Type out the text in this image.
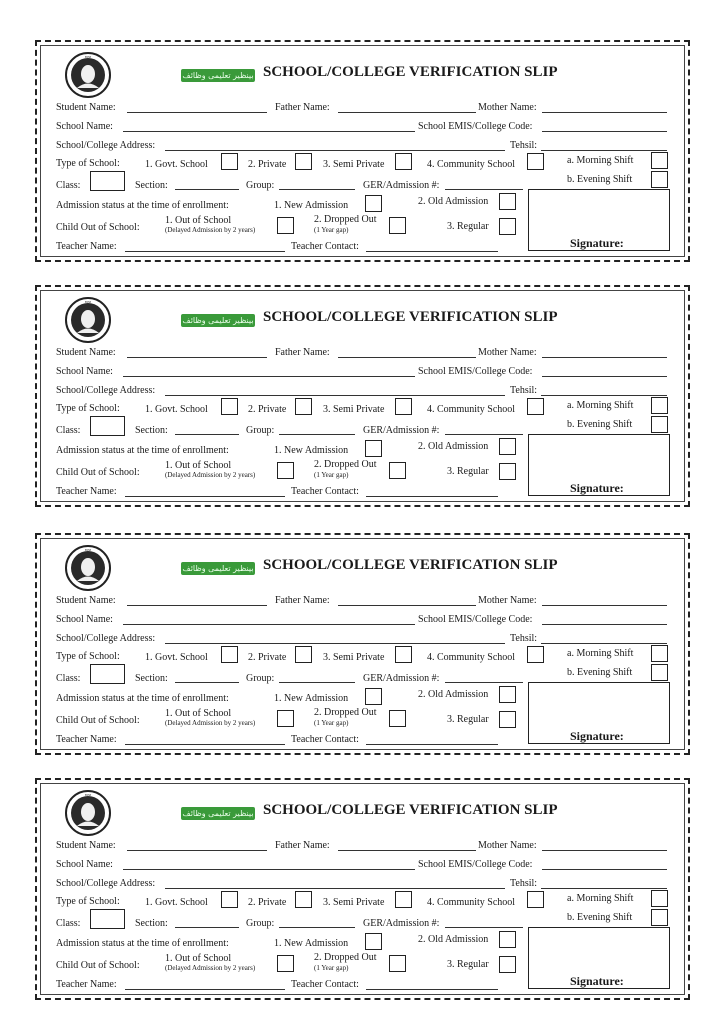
BISP
بینظیر تعلیمی وظائف SCHOOL/COLLEGE VERIFICATION SLIP
Student Name:	Father Name:	Mother Name:
School Name:	School EMIS/College Code:
School/College Address:	Tehsil:
Type of School:	1. Govt. School	2. Private	3. Semi Private	4. Community School	a. Morning Shift
b. Evening Shift
Class:	Section:	Group:	GER/Admission #:
Admission status at the time of enrollment:	1. New Admission	2. Old Admission
Child Out of School:
1. Out of School
(Delayed Admission by 2 years)
2. Dropped Out
(1 Year gap)	3. Regular
Teacher Name:	Teacher Contact:	Signature:
BISP
بینظیر تعلیمی وظائف SCHOOL/COLLEGE VERIFICATION SLIP
Student Name:	Father Name:	Mother Name:
School Name:	School EMIS/College Code:
School/College Address:	Tehsil:
Type of School:	1. Govt. School	2. Private	3. Semi Private	4. Community School	a. Morning Shift
b. Evening Shift
Class:	Section:	Group:	GER/Admission #:
Admission status at the time of enrollment:	1. New Admission	2. Old Admission
Child Out of School:
1. Out of School
(Delayed Admission by 2 years)
2. Dropped Out
(1 Year gap)	3. Regular
Teacher Name:	Teacher Contact:	Signature:
BISP
بینظیر تعلیمی وظائف SCHOOL/COLLEGE VERIFICATION SLIP
Student Name:	Father Name:	Mother Name:
School Name:	School EMIS/College Code:
School/College Address:	Tehsil:
Type of School:	1. Govt. School	2. Private	3. Semi Private	4. Community School	a. Morning Shift
b. Evening Shift
Class:	Section:	Group:	GER/Admission #:
Admission status at the time of enrollment:	1. New Admission	2. Old Admission
Child Out of School:
1. Out of School
(Delayed Admission by 2 years)
2. Dropped Out
(1 Year gap)	3. Regular
Teacher Name:	Teacher Contact:	Signature:
BISP
بینظیر تعلیمی وظائف SCHOOL/COLLEGE VERIFICATION SLIP
Student Name:	Father Name:	Mother Name:
School Name:	School EMIS/College Code:
School/College Address:	Tehsil:
Type of School:	1. Govt. School	2. Private	3. Semi Private	4. Community School	a. Morning Shift
b. Evening Shift
Class:	Section:	Group:	GER/Admission #:
Admission status at the time of enrollment:	1. New Admission	2. Old Admission
Child Out of School:
1. Out of School
(Delayed Admission by 2 years)
2. Dropped Out
(1 Year gap)	3. Regular
Teacher Name:	Teacher Contact:	Signature:
